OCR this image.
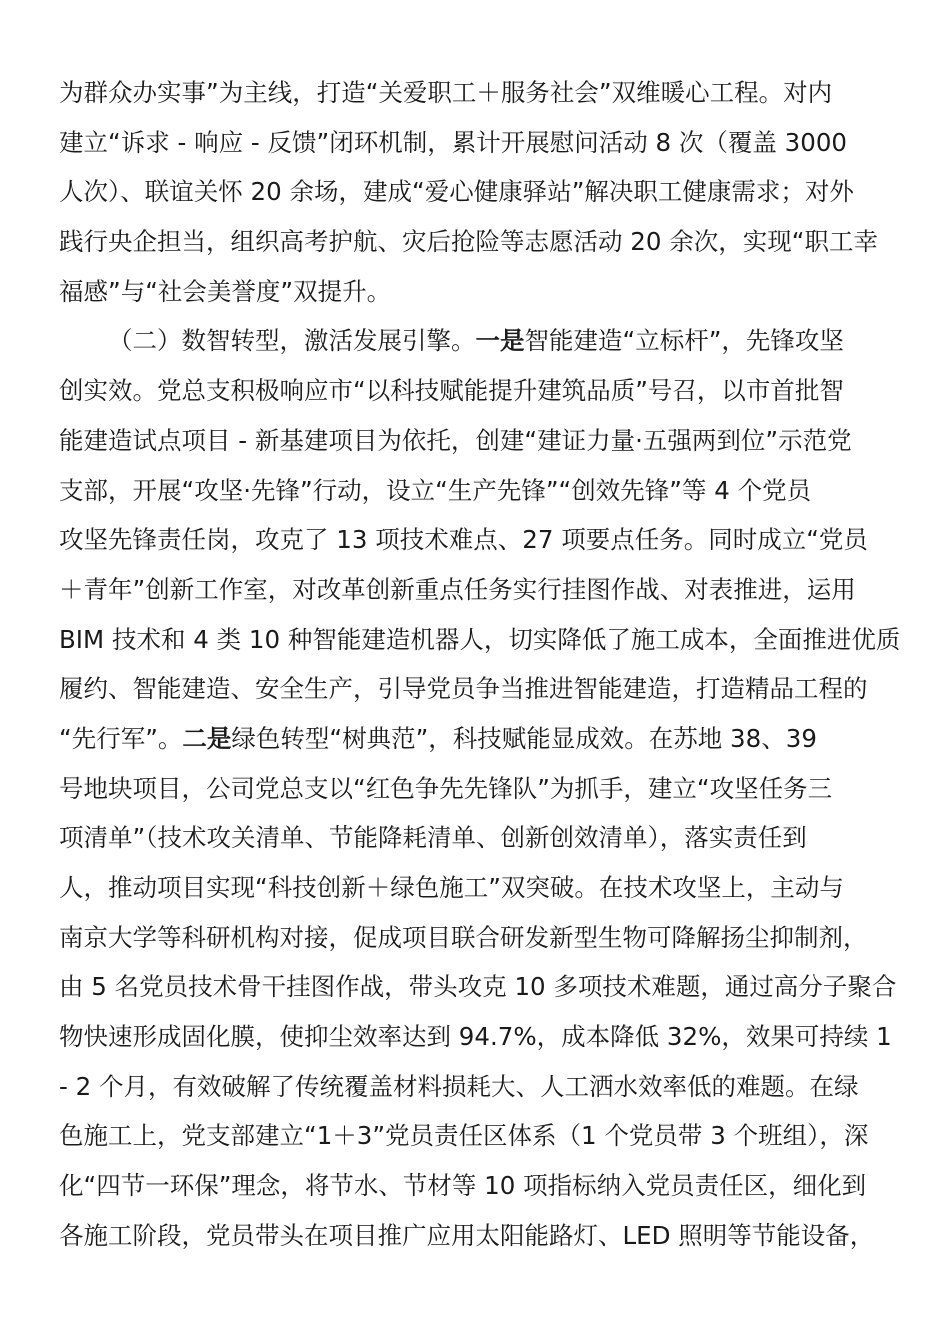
为群众办实事”为主线，打造“关爱职工＋服务社会”双维暖心工程。对内
建立“诉求 - 响应 - 反馈”闭环机制，累计开展慰问活动 8 次（覆盖 3000
人次）、联谊关怀 20 余场，建成“爱心健康驿站”解决职工健康需求；对外
践行央企担当，组织高考护航、灾后抢险等志愿活动 20 余次，实现“职工幸
福感”与“社会美誉度”双提升。
（二）数智转型，激活发展引擎。一是智能建造“立标杆”，先锋攻坚
创实效。党总支积极响应市“以科技赋能提升建筑品质”号召，以市首批智
能建造试点项目 - 新基建项目为依托，创建“建证力量·五强两到位”示范党
支部，开展“攻坚·先锋”行动，设立“生产先锋”“创效先锋”等 4 个党员
攻坚先锋责任岗，攻克了 13 项技术难点、27 项要点任务。同时成立“党员
＋青年”创新工作室，对改革创新重点任务实行挂图作战、对表推进，运用
BIM 技术和 4 类 10 种智能建造机器人，切实降低了施工成本，全面推进优质
履约、智能建造、安全生产，引导党员争当推进智能建造，打造精品工程的
“先行军”。二是绿色转型“树典范”，科技赋能显成效。在苏地 38、39
号地块项目，公司党总支以“红色争先先锋队”为抓手，建立“攻坚任务三
项清单”（技术攻关清单、节能降耗清单、创新创效清单），落实责任到
人，推动项目实现“科技创新＋绿色施工”双突破。在技术攻坚上，主动与
南京大学等科研机构对接，促成项目联合研发新型生物可降解扬尘抑制剂，
由 5 名党员技术骨干挂图作战，带头攻克 10 多项技术难题，通过高分子聚合
物快速形成固化膜，使抑尘效率达到 94.7%，成本降低 32%，效果可持续 1
- 2 个月，有效破解了传统覆盖材料损耗大、人工洒水效率低的难题。在绿
色施工上，党支部建立“1＋3”党员责任区体系（1 个党员带 3 个班组），深
化“四节一环保”理念，将节水、节材等 10 项指标纳入党员责任区，细化到
各施工阶段，党员带头在项目推广应用太阳能路灯、LED 照明等节能设备，
